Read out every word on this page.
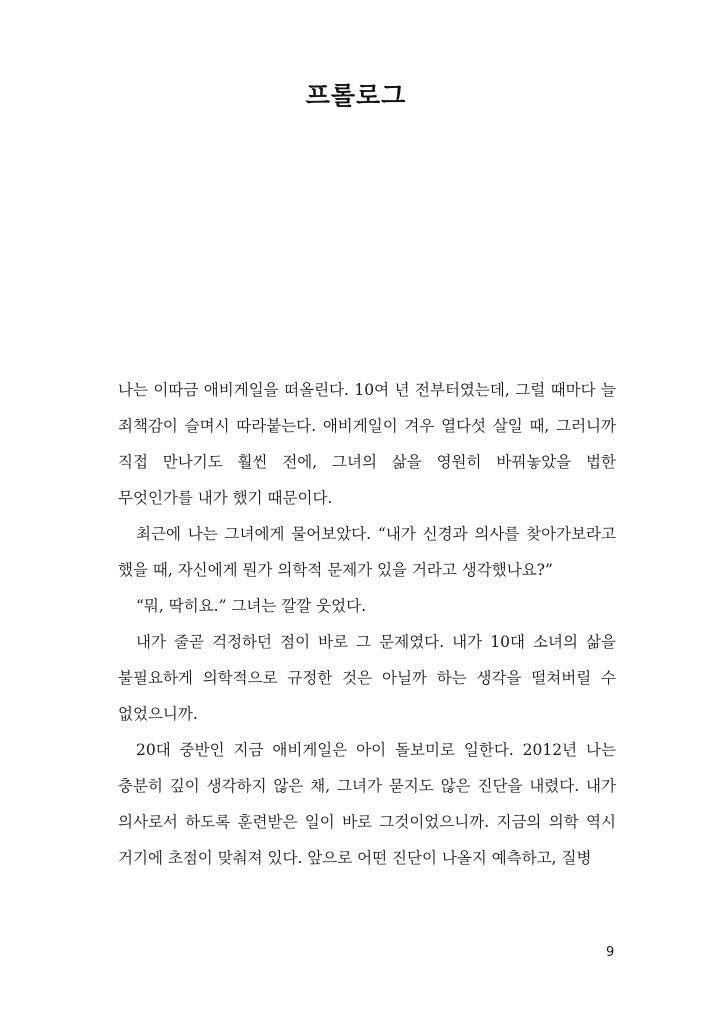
프롤로그

나는 이따금 애비게일을 떠올린다. 10여 년 전부터였는데, 그럴 때마다 늘 죄책감이 슬며시 따라붙는다. 애비게일이 겨우 열다섯 살일 때, 그러니까 직접 만나기도 훨씬 전에, 그녀의 삶을 영원히 바꿔놓았을 법한 무엇인가를 내가 했기 때문이다.

최근에 나는 그녀에게 물어보았다. “내가 신경과 의사를 찾아가보라고 했을 때, 자신에게 뭔가 의학적 문제가 있을 거라고 생각했나요?”

“뭐, 딱히요.” 그녀는 깔깔 웃었다.

내가 줄곧 걱정하던 점이 바로 그 문제였다. 내가 10대 소녀의 삶을 불필요하게 의학적으로 규정한 것은 아닐까 하는 생각을 떨쳐버릴 수 없었으니까.

20대 중반인 지금 애비게일은 아이 돌보미로 일한다. 2012년 나는 충분히 깊이 생각하지 않은 채, 그녀가 묻지도 않은 진단을 내렸다. 내가 의사로서 하도록 훈련받은 일이 바로 그것이었으니까. 지금의 의학 역시 거기에 초점이 맞춰져 있다. 앞으로 어떤 진단이 나올지 예측하고, 질병

9
